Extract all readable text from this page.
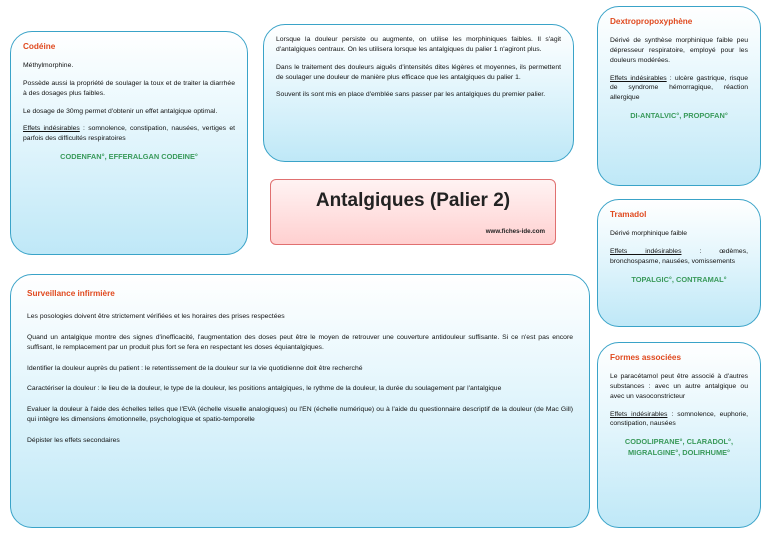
Codéine

Méthylmorphine.

Possède aussi la propriété de soulager la toux et de traiter la diarrhée à des dosages plus faibles.

Le dosage de 30mg permet d'obtenir un effet antalgique optimal.

Effets indésirables : somnolence, constipation, nausées, vertiges et parfois des difficultés respiratoires

CODENFAN°, EFFERALGAN CODEINE°

Lorsque la douleur persiste ou augmente, on utilise les morphiniques faibles. Il s'agit d'antalgiques centraux. On les utilisera lorsque les antalgiques du palier 1 n'agiront plus.

Dans le traitement des douleurs aiguës d'intensités dites légères et moyennes, ils permettent de soulager une douleur de manière plus efficace que les antalgiques du palier 1.

Souvent ils sont mis en place d'emblée sans passer par les antalgiques du premier palier.

Antalgiques (Palier 2)
www.fiches-ide.com
Dextropropoxyphène

Dérivé de synthèse morphinique faible peu dépresseur respiratoire, employé pour les douleurs modérées.

Effets indésirables : ulcère gastrique, risque de syndrome hémorragique, réaction allergique

DI-ANTALVIC°, PROPOFAN°
Tramadol

Dérivé morphinique faible

Effets indésirables : œdèmes, bronchospasme, nausées, vomissements

TOPALGIC°, CONTRAMAL°
Formes associées

Le paracétamol peut être associé à d'autres substances : avec un autre antalgique ou avec un vasoconstricteur

Effets indésirables : somnolence, euphorie, constipation, nausées

CODOLIPRANE°, CLARADOL°,
MIGRALGINE°, DOLIRHUME°
Surveillance infirmière

Les posologies doivent être strictement vérifiées et les horaires des prises respectées

Quand un antalgique montre des signes d'inefficacité, l'augmentation des doses peut être le moyen de retrouver une couverture antidouleur suffisante. Si ce n'est pas encore suffisant, le remplacement par un produit plus fort se fera en respectant les doses équiantalgiques.

Identifier la douleur auprès du patient : le retentissement de la douleur sur la vie quotidienne doit être recherché

Caractériser la douleur : le lieu de la douleur, le type de la douleur, les positions antalgiques, le rythme de la douleur, la durée du soulagement par l'antalgique

Evaluer la douleur à l'aide des échelles telles que l'EVA (échelle visuelle analogiques) ou l'EN (échelle numérique) ou à l'aide du questionnaire descriptif de la douleur (de Mac Gill) qui intègre les dimensions émotionnelle, psychologique et spatio-temporelle

Dépister les effets secondaires
